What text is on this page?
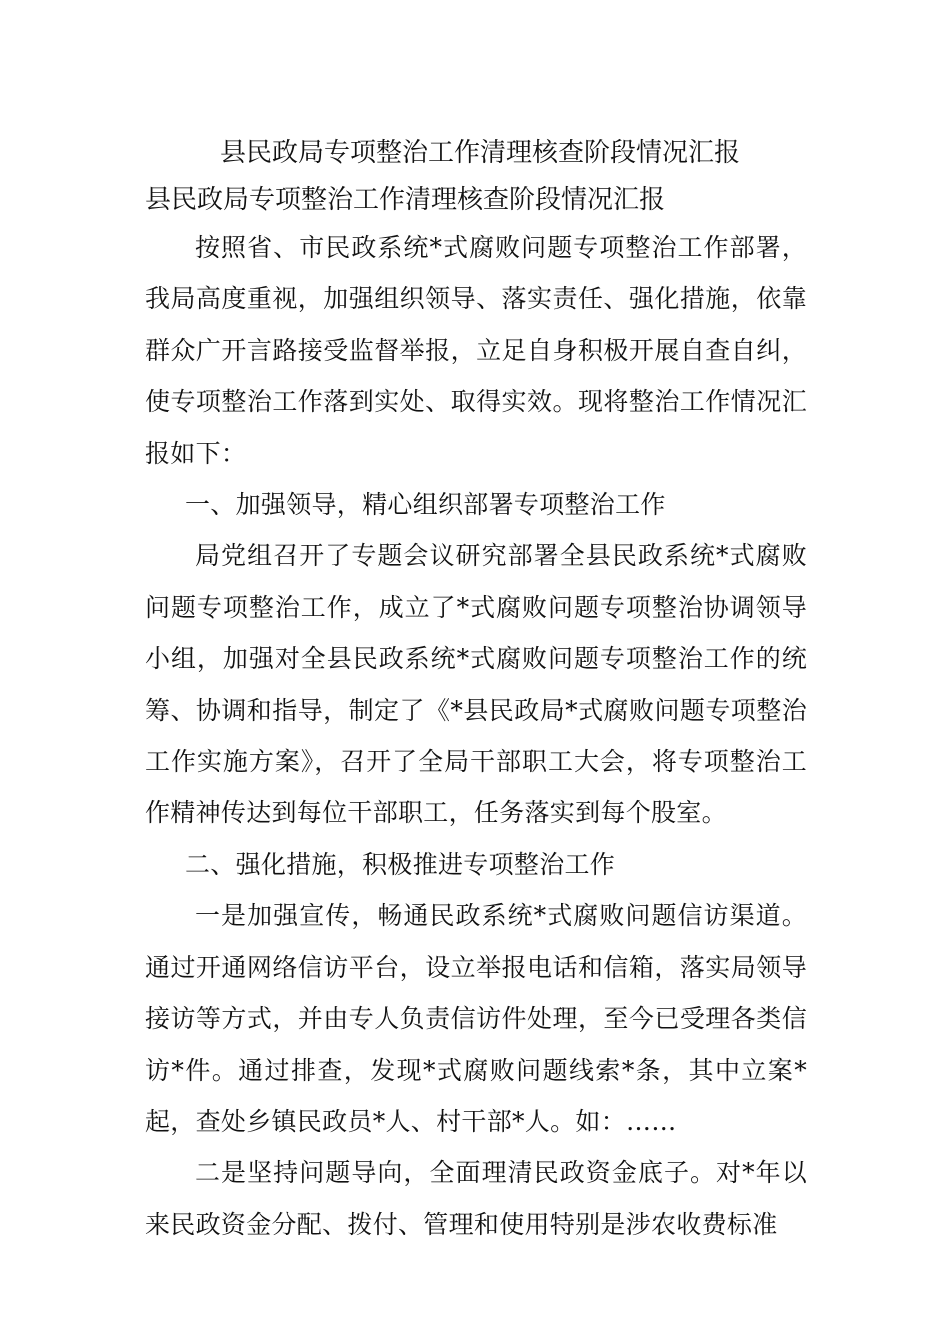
县民政局专项整治工作清理核查阶段情况汇报
县民政局专项整治工作清理核查阶段情况汇报

按照省、市民政系统*式腐败问题专项整治工作部署，我局高度重视，加强组织领导、落实责任、强化措施，依靠群众广开言路接受监督举报，立足自身积极开展自查自纠，使专项整治工作落到实处、取得实效。现将整治工作情况汇报如下：

一、加强领导，精心组织部署专项整治工作

局党组召开了专题会议研究部署全县民政系统*式腐败问题专项整治工作，成立了*式腐败问题专项整治协调领导小组，加强对全县民政系统*式腐败问题专项整治工作的统筹、协调和指导，制定了《*县民政局*式腐败问题专项整治工作实施方案》，召开了全局干部职工大会，将专项整治工作精神传达到每位干部职工，任务落实到每个股室。

二、强化措施，积极推进专项整治工作

一是加强宣传，畅通民政系统*式腐败问题信访渠道。通过开通网络信访平台，设立举报电话和信箱，落实局领导接访等方式，并由专人负责信访件处理，至今已受理各类信访*件。通过排查，发现*式腐败问题线索*条，其中立案*起，查处乡镇民政员*人、村干部*人。如：……

二是坚持问题导向，全面理清民政资金底子。对*年以来民政资金分配、拨付、管理和使用特别是涉农收费标准
